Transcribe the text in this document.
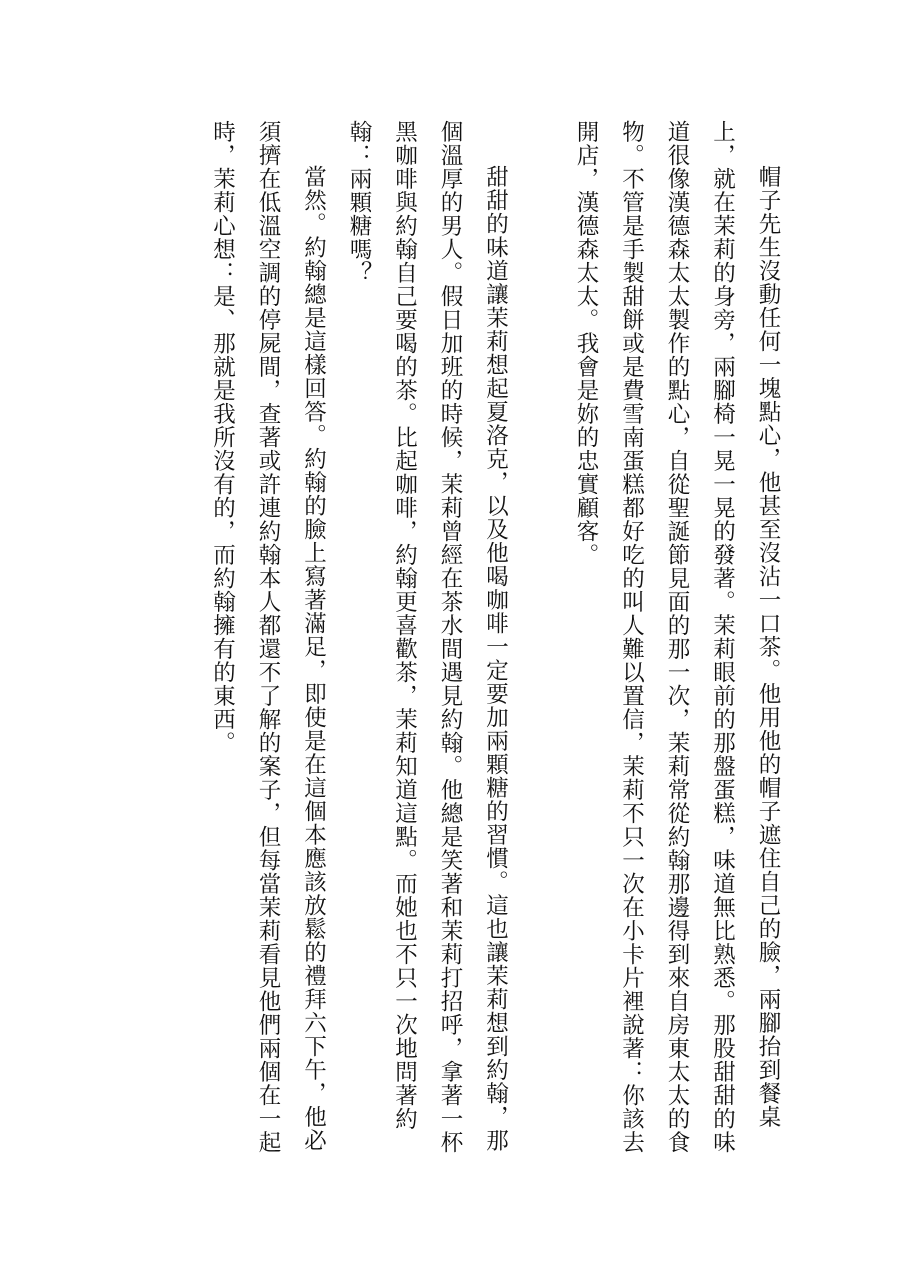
帽子先生沒動任何一塊點心，他甚至沒沾一口茶。他用他的帽子遮住自己的臉，兩腳抬到餐桌上，就在茉莉的身旁，兩腳椅一晃一晃的發著。茉莉眼前的那盤蛋糕，味道無比熟悉。那股甜甜的味道很像漢德森太太製作的點心，自從聖誕節見面的那一次，茉莉常從約翰那邊得到來自房東太太的食物。不管是手製甜餅或是費雪南蛋糕都好吃的叫人難以置信，茉莉不只一次在小卡片裡說著：你該去開店，漢德森太太。我會是妳的忠實顧客。

甜甜的味道讓茉莉想起夏洛克，以及他喝咖啡一定要加兩顆糖的習慣。這也讓茉莉想到約翰，那個溫厚的男人。假日加班的時候，茉莉曾經在茶水間遇見約翰。他總是笑著和茉莉打招呼，拿著一杯黑咖啡與約翰自己要喝的茶。比起咖啡，約翰更喜歡茶，茉莉知道這點。而她也不只一次地問著約翰：兩顆糖嗎？

當然。約翰總是這樣回答。約翰的臉上寫著滿足，即使是在這個本應該放鬆的禮拜六下午，他必須擠在低溫空調的停屍間，查著或許連約翰本人都還不了解的案子，但每當茉莉看見他們兩個在一起時，茉莉心想：是、那就是我所沒有的，而約翰擁有的東西。
